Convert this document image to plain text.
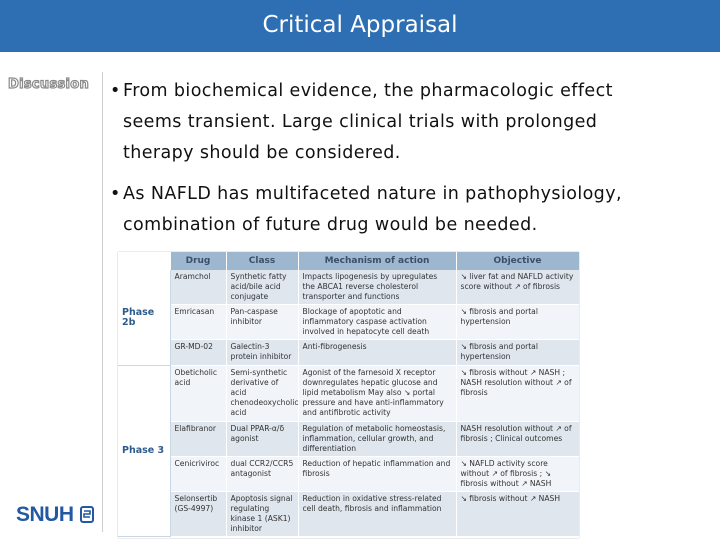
Critical Appraisal
Discussion • From biochemical evidence, the pharmacologic effect
seems transient. Large clinical trials with prolonged
therapy should be considered.
• As NAFLD has multifaceted nature in pathophysiology,
combination of future drug would be needed.
	Drug	Class	Mechanism of action	Objective
Phase 2b	Aramchol	Synthetic fatty acid/bile acid conjugate	Impacts lipogenesis by upregulates the ABCA1 reverse cholesterol transporter and functions	↘ liver fat and NAFLD activity score without ↗ of fibrosis
	Emricasan	Pan-caspase inhibitor	Blockage of apoptotic and inflammatory caspase activation involved in hepatocyte cell death	↘ fibrosis and portal hypertension
	GR-MD-02	Galectin-3 protein inhibitor	Anti-fibrogenesis	↘ fibrosis and portal hypertension
Phase 3	Obeticholic acid	Semi-synthetic derivative of acid chenodeoxycholic acid	Agonist of the farnesoid X receptor downregulates hepatic glucose and lipid metabolism May also ↘ portal pressure and have anti-inflammatory and antifibrotic activity	↘ fibrosis without ↗ NASH ; NASH resolution without ↗ of fibrosis
	Elafibranor	Dual PPAR-α/δ agonist	Regulation of metabolic homeostasis, inflammation, cellular growth, and differentiation	NASH resolution without ↗ of fibrosis ; Clinical outcomes
	Cenicriviroc	dual CCR2/CCR5 antagonist	Reduction of hepatic inflammation and fibrosis	↘ NAFLD activity score without ↗ of fibrosis ; ↘ fibrosis without ↗ NASH
	Selonsertib (GS-4997)	Apoptosis signal regulating kinase 1 (ASK1) inhibitor	Reduction in oxidative stress-related cell death, fibrosis and inflammation	↘ fibrosis without ↗ NASH
SNUH
